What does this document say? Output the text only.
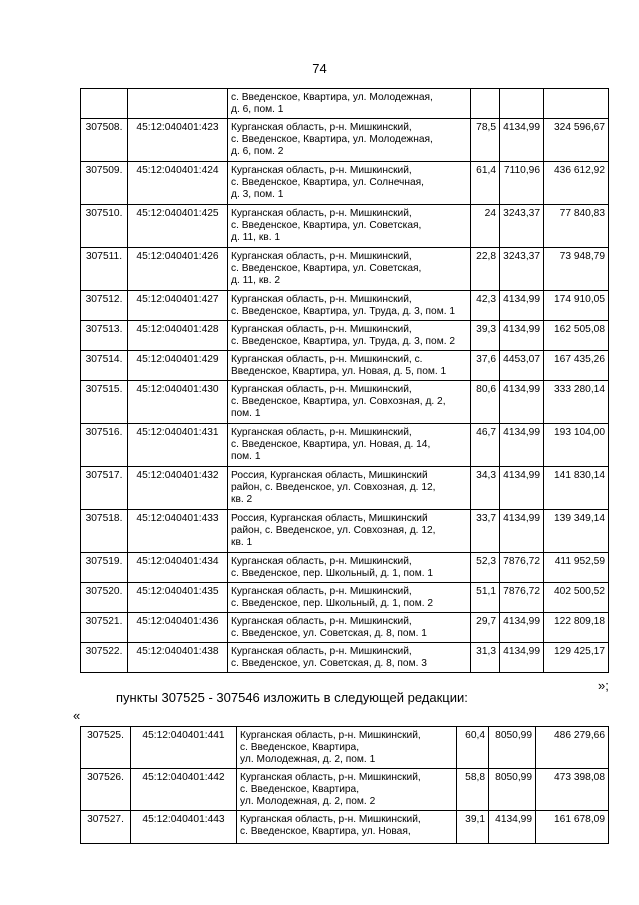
74
		с. Введенское, Квартира, ул. Молодежная,
д. 6, пом. 1			
307508.	45:12:040401:423	Курганская область, р-н. Мишкинский,
с. Введенское, Квартира, ул. Молодежная,
д. 6, пом. 2	78,5	4134,99	324 596,67
307509.	45:12:040401:424	Курганская область, р-н. Мишкинский,
с. Введенское, Квартира, ул. Солнечная,
д. 3, пом. 1	61,4	7110,96	436 612,92
307510.	45:12:040401:425	Курганская область, р-н. Мишкинский,
с. Введенское, Квартира, ул. Советская,
д. 11, кв. 1	24	3243,37	77 840,83
307511.	45:12:040401:426	Курганская область, р-н. Мишкинский,
с. Введенское, Квартира, ул. Советская,
д. 11, кв. 2	22,8	3243,37	73 948,79
307512.	45:12:040401:427	Курганская область, р-н. Мишкинский,
с. Введенское, Квартира, ул. Труда, д. 3, пом. 1	42,3	4134,99	174 910,05
307513.	45:12:040401:428	Курганская область, р-н. Мишкинский,
с. Введенское, Квартира, ул. Труда, д. 3, пом. 2	39,3	4134,99	162 505,08
307514.	45:12:040401:429	Курганская область, р-н. Мишкинский, с.
Введенское, Квартира, ул. Новая, д. 5, пом. 1	37,6	4453,07	167 435,26
307515.	45:12:040401:430	Курганская область, р-н. Мишкинский,
с. Введенское, Квартира, ул. Совхозная, д. 2,
пом. 1	80,6	4134,99	333 280,14
307516.	45:12:040401:431	Курганская область, р-н. Мишкинский,
с. Введенское, Квартира, ул. Новая, д. 14,
пом. 1	46,7	4134,99	193 104,00
307517.	45:12:040401:432	Россия, Курганская область, Мишкинский
район, с. Введенское, ул. Совхозная, д. 12,
кв. 2	34,3	4134,99	141 830,14
307518.	45:12:040401:433	Россия, Курганская область, Мишкинский
район, с. Введенское, ул. Совхозная, д. 12,
кв. 1	33,7	4134,99	139 349,14
307519.	45:12:040401:434	Курганская область, р-н. Мишкинский,
с. Введенское, пер. Школьный, д. 1, пом. 1	52,3	7876,72	411 952,59
307520.	45:12:040401:435	Курганская область, р-н. Мишкинский,
с. Введенское, пер. Школьный, д. 1, пом. 2	51,1	7876,72	402 500,52
307521.	45:12:040401:436	Курганская область, р-н. Мишкинский,
с. Введенское, ул. Советская, д. 8, пом. 1	29,7	4134,99	122 809,18
307522.	45:12:040401:438	Курганская область, р-н. Мишкинский,
с. Введенское, ул. Советская, д. 8, пом. 3	31,3	4134,99	129 425,17
»;
пункты 307525 - 307546 изложить в следующей редакции:
«
307525.	45:12:040401:441	Курганская область, р-н. Мишкинский,
с. Введенское, Квартира,
ул. Молодежная, д. 2, пом. 1	60,4	8050,99	486 279,66
307526.	45:12:040401:442	Курганская область, р-н. Мишкинский,
с. Введенское, Квартира,
ул. Молодежная, д. 2, пом. 2	58,8	8050,99	473 398,08
307527.	45:12:040401:443	Курганская область, р-н. Мишкинский,
с. Введенское, Квартира, ул. Новая,	39,1	4134,99	161 678,09
